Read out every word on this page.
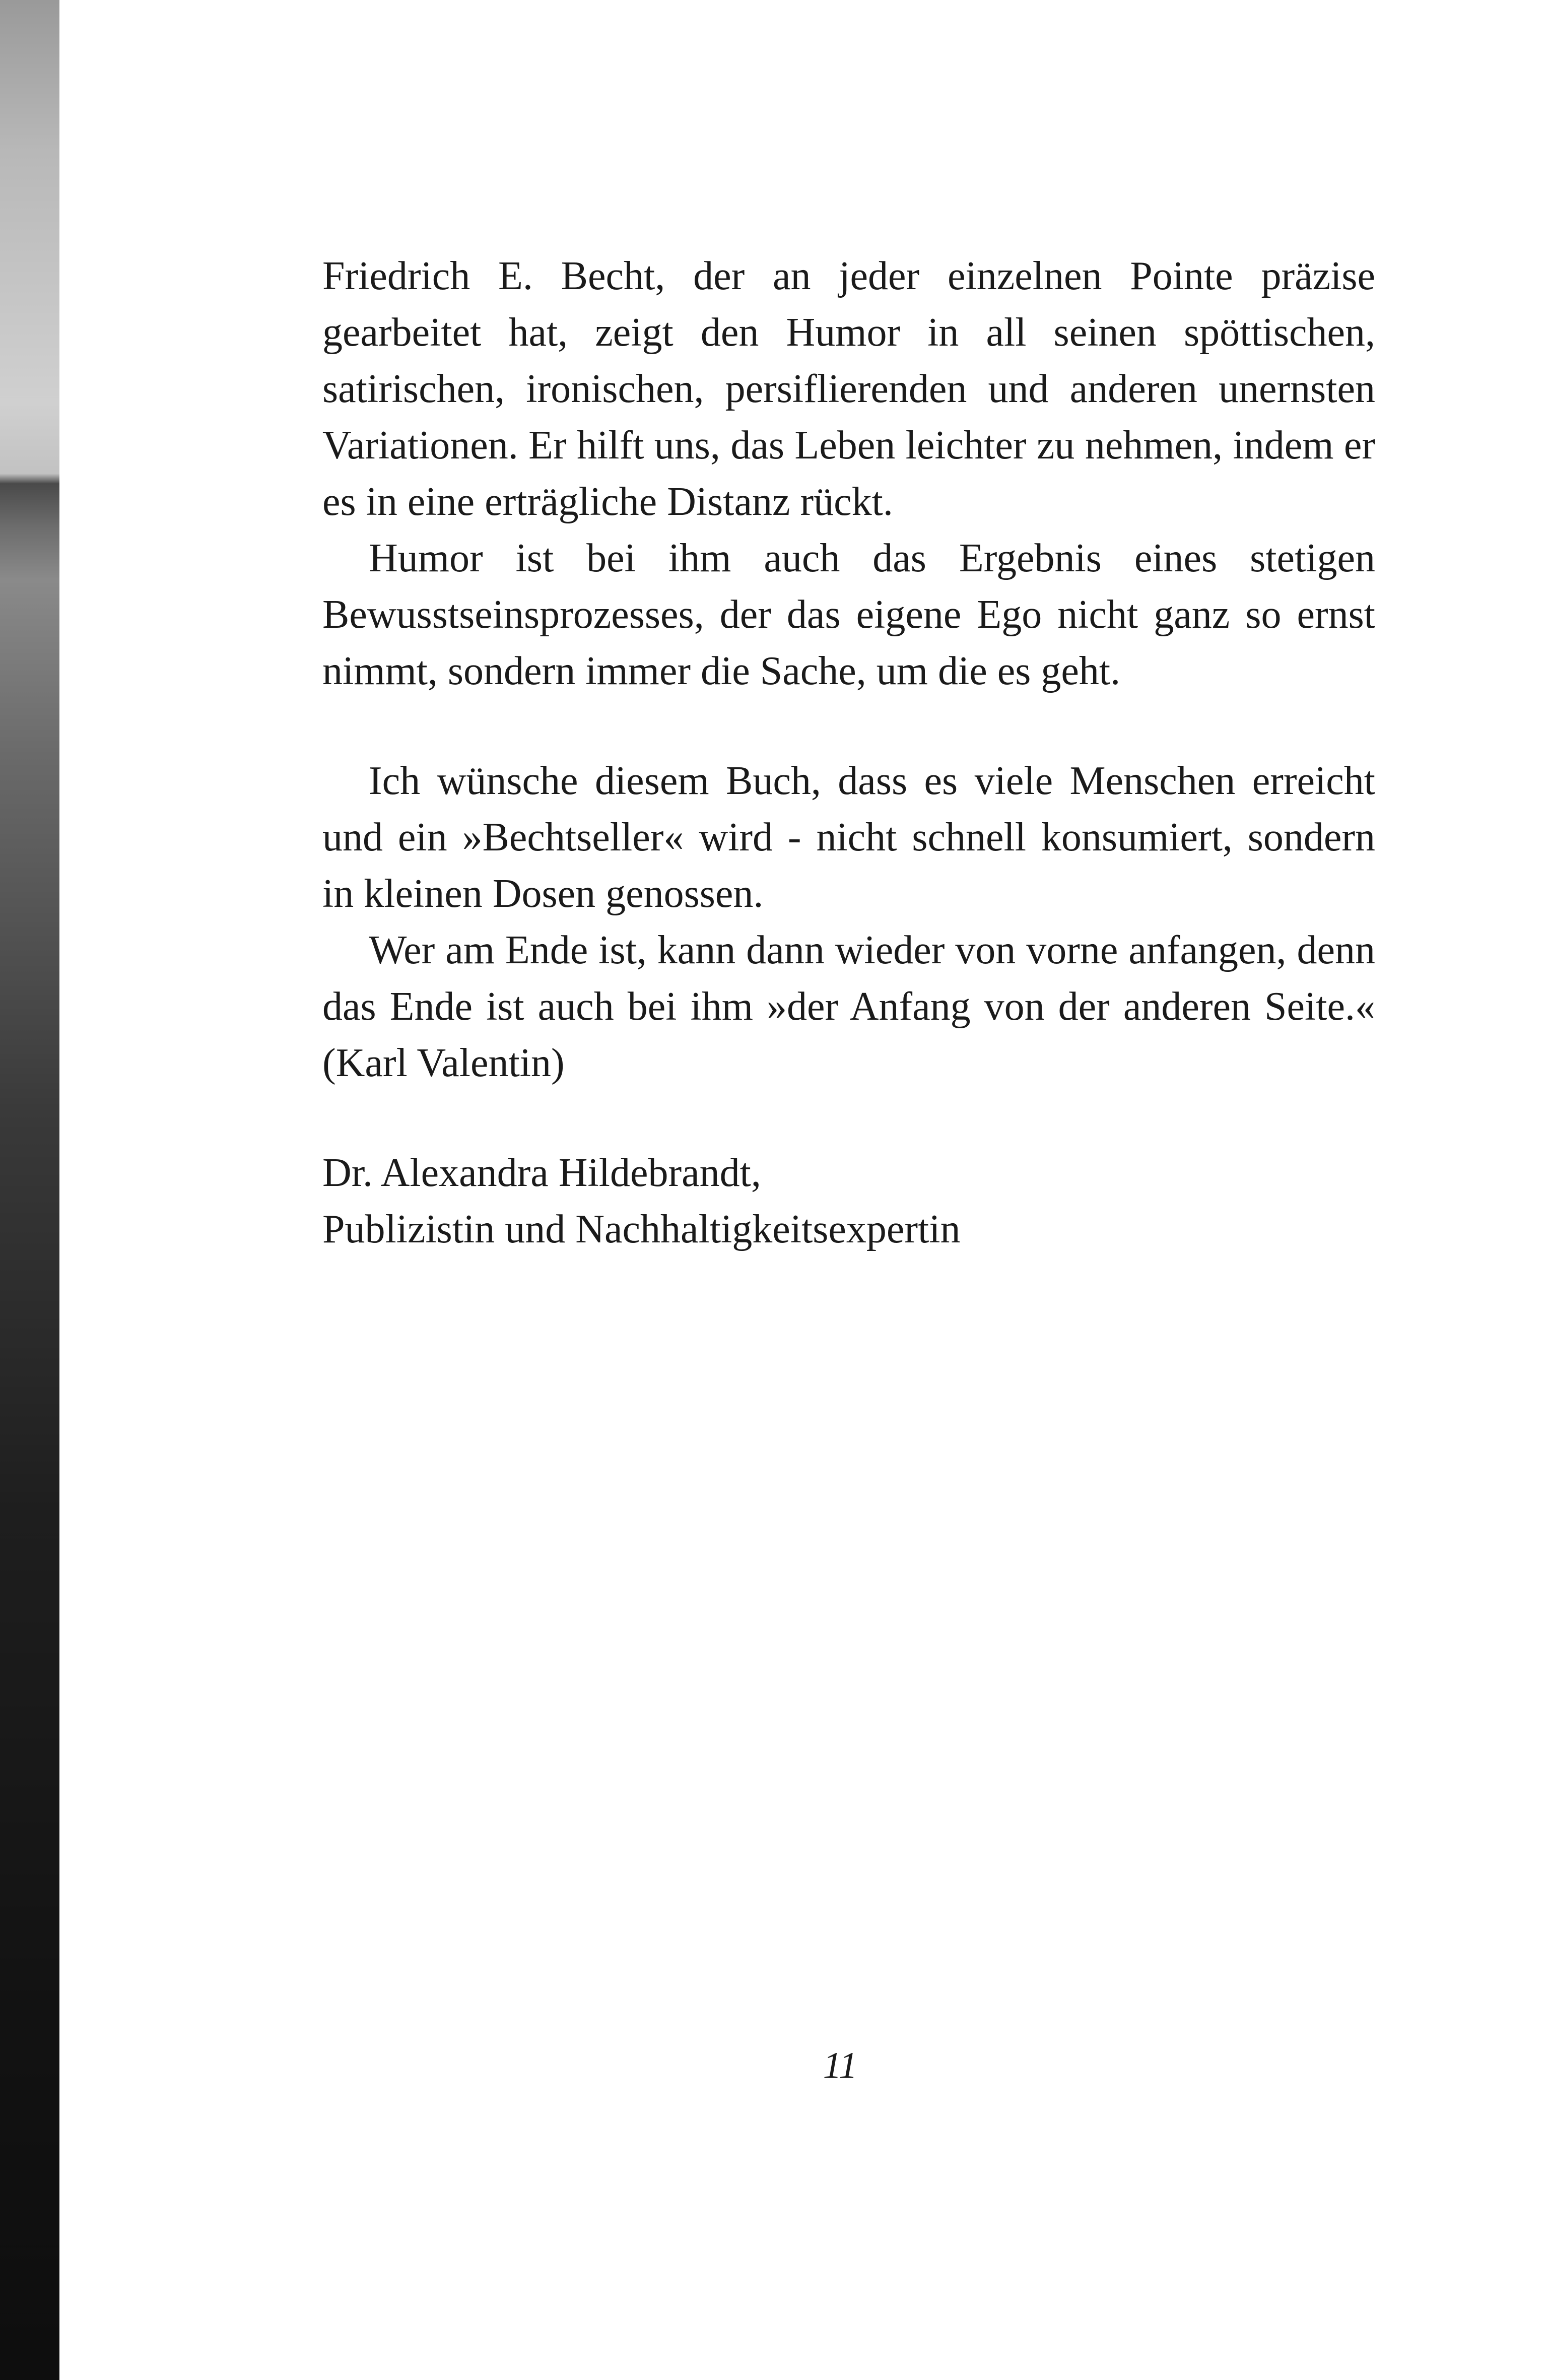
Friedrich E. Becht, der an jeder einzelnen Pointe präzise gearbeitet hat, zeigt den Humor in all seinen spöttischen, satirischen, ironischen, persiflierenden und anderen unernsten Variationen. Er hilft uns, das Leben leichter zu nehmen, indem er es in eine erträgliche Distanz rückt.

Humor ist bei ihm auch das Ergebnis eines stetigen Bewusstseinsprozesses, der das eigene Ego nicht ganz so ernst nimmt, sondern immer die Sache, um die es geht.

Ich wünsche diesem Buch, dass es viele Menschen erreicht und ein »Bechtseller« wird - nicht schnell konsumiert, sondern in kleinen Dosen genossen.

Wer am Ende ist, kann dann wieder von vorne anfangen, denn das Ende ist auch bei ihm »der Anfang von der anderen Seite.« (Karl Valentin)

Dr. Alexandra Hildebrandt,
Publizistin und Nachhaltigkeitsexpertin

11
